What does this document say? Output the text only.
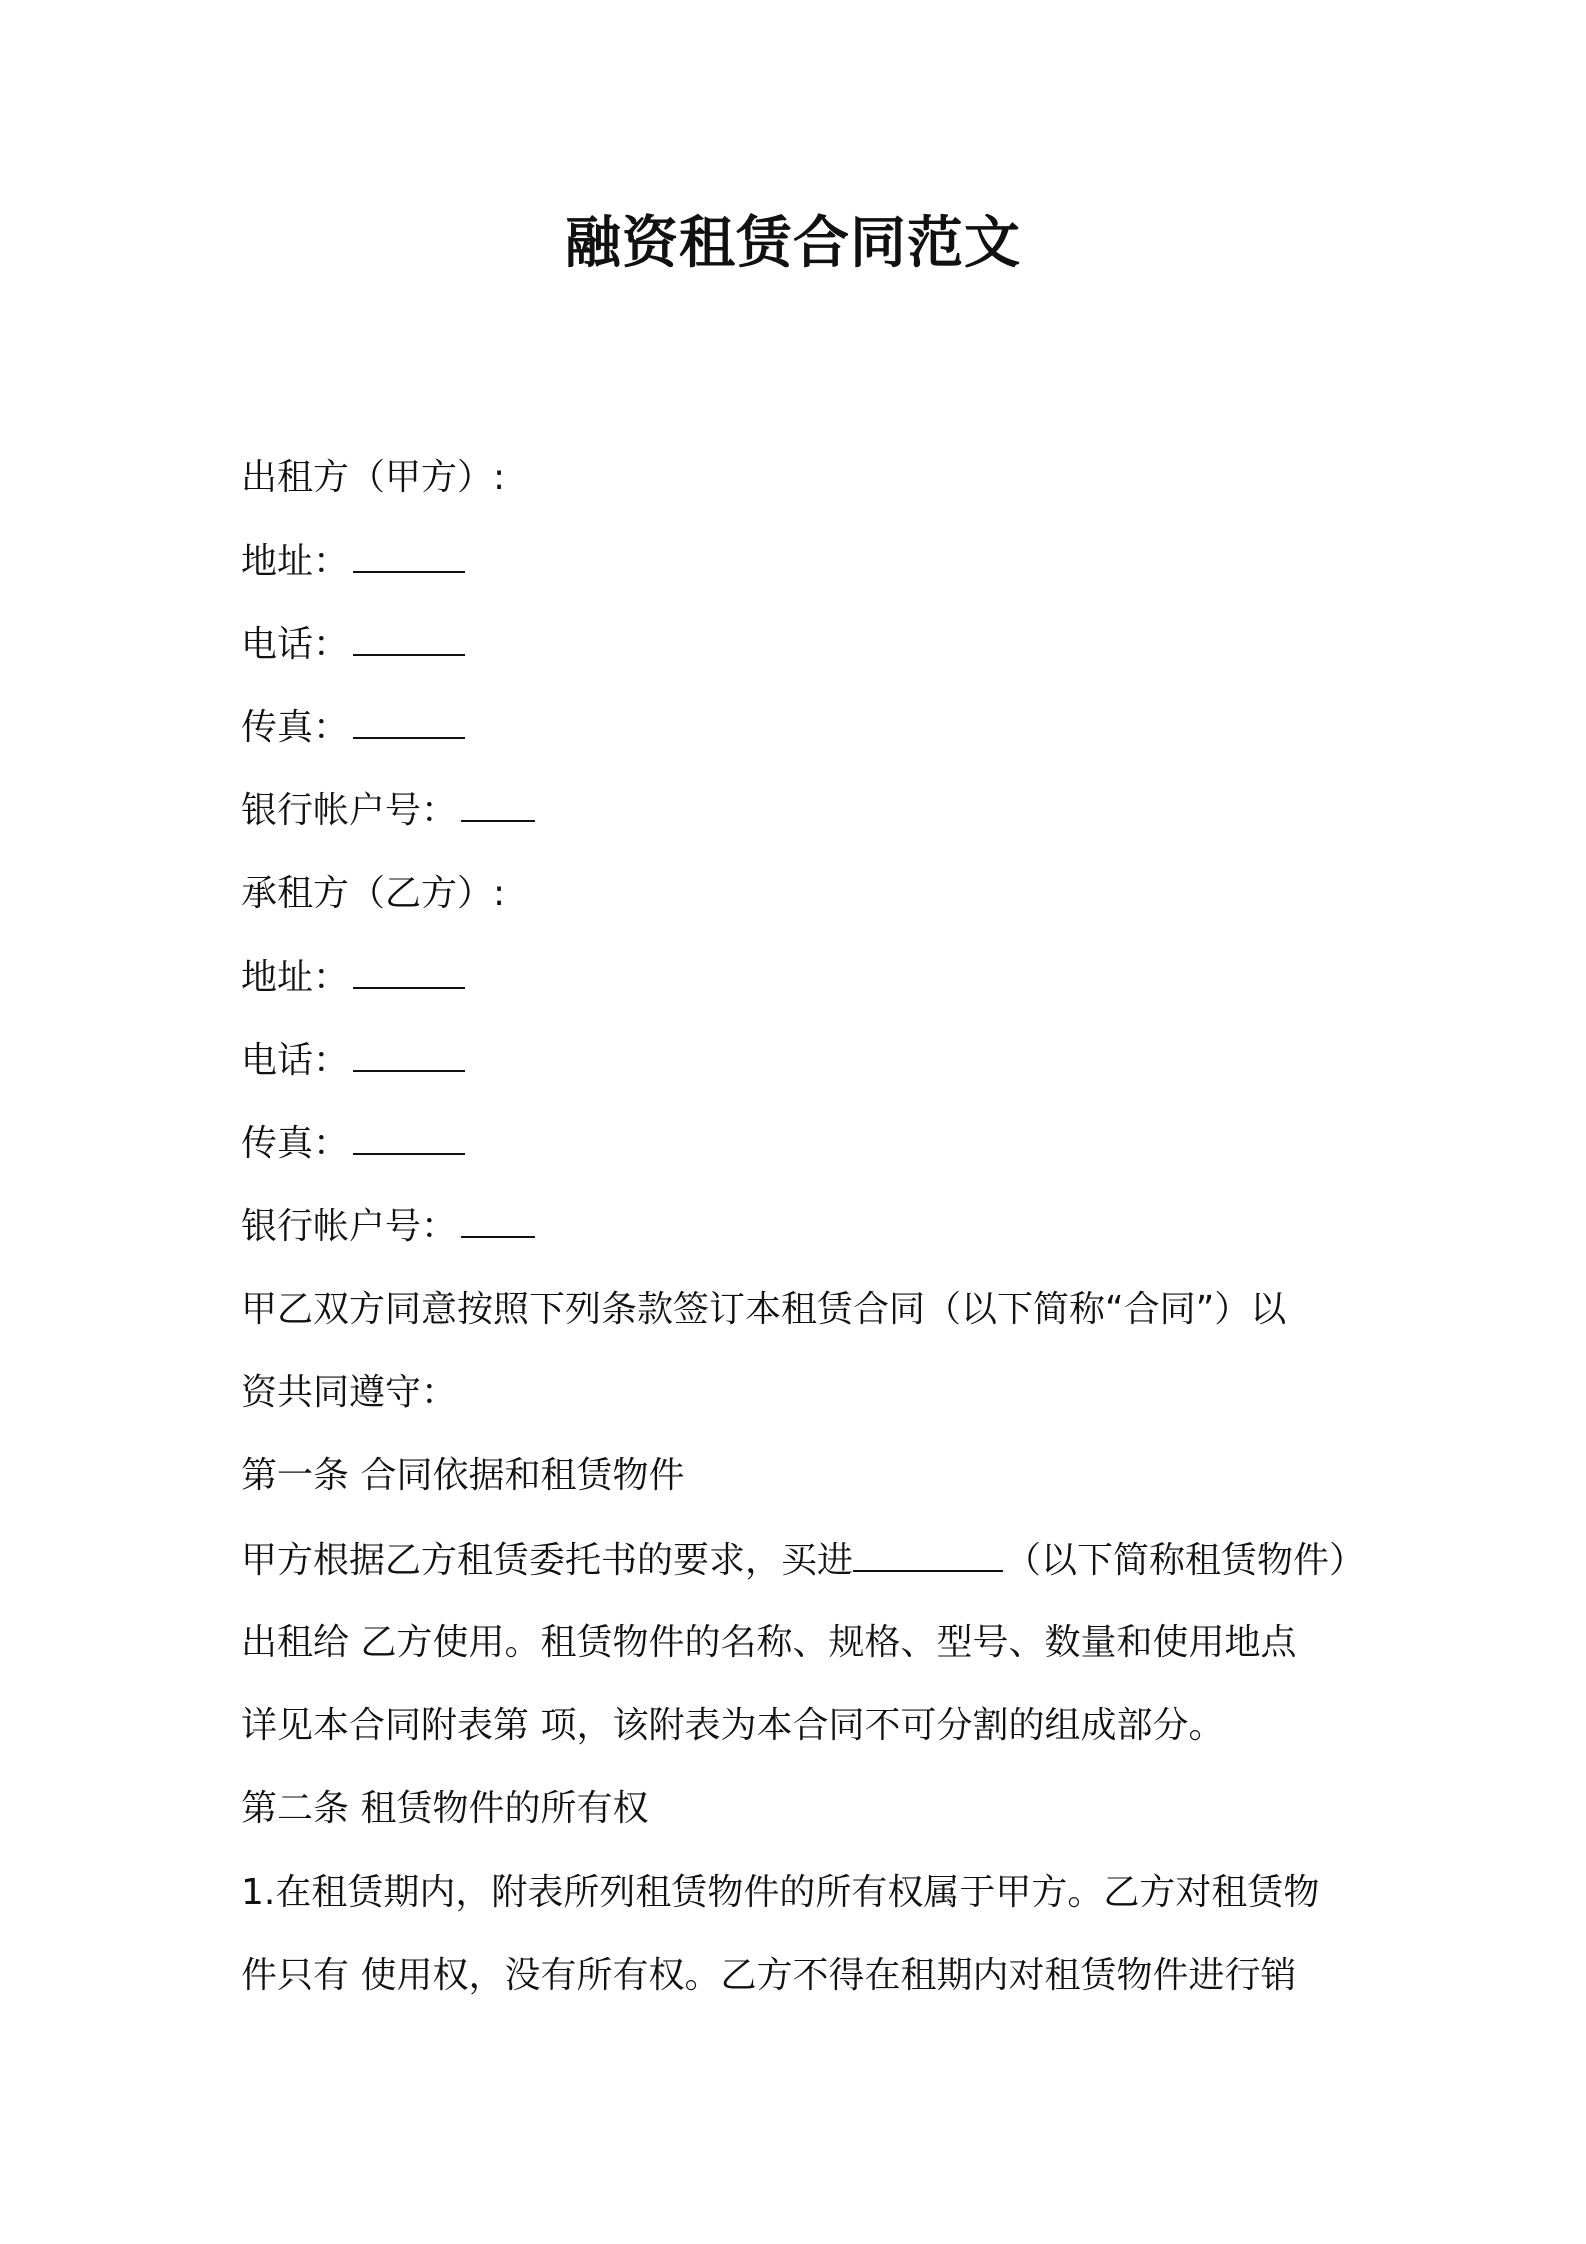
融资租赁合同范文
出租方（甲方）:
地址：
电话：
传真：
银行帐户号：
承租方（乙方）:
地址：
电话：
传真：
银行帐户号：
甲乙双方同意按照下列条款签订本租赁合同（以下简称“合同”）以
资共同遵守：
第一条 合同依据和租赁物件
甲方根据乙方租赁委托书的要求，买进	（以下简称租赁物件）
出租给 乙方使用。租赁物件的名称、规格、型号、数量和使用地点
详见本合同附表第 项，该附表为本合同不可分割的组成部分。
第二条 租赁物件的所有权
1.在租赁期内，附表所列租赁物件的所有权属于甲方。乙方对租赁物
件只有 使用权，没有所有权。乙方不得在租期内对租赁物件进行销
